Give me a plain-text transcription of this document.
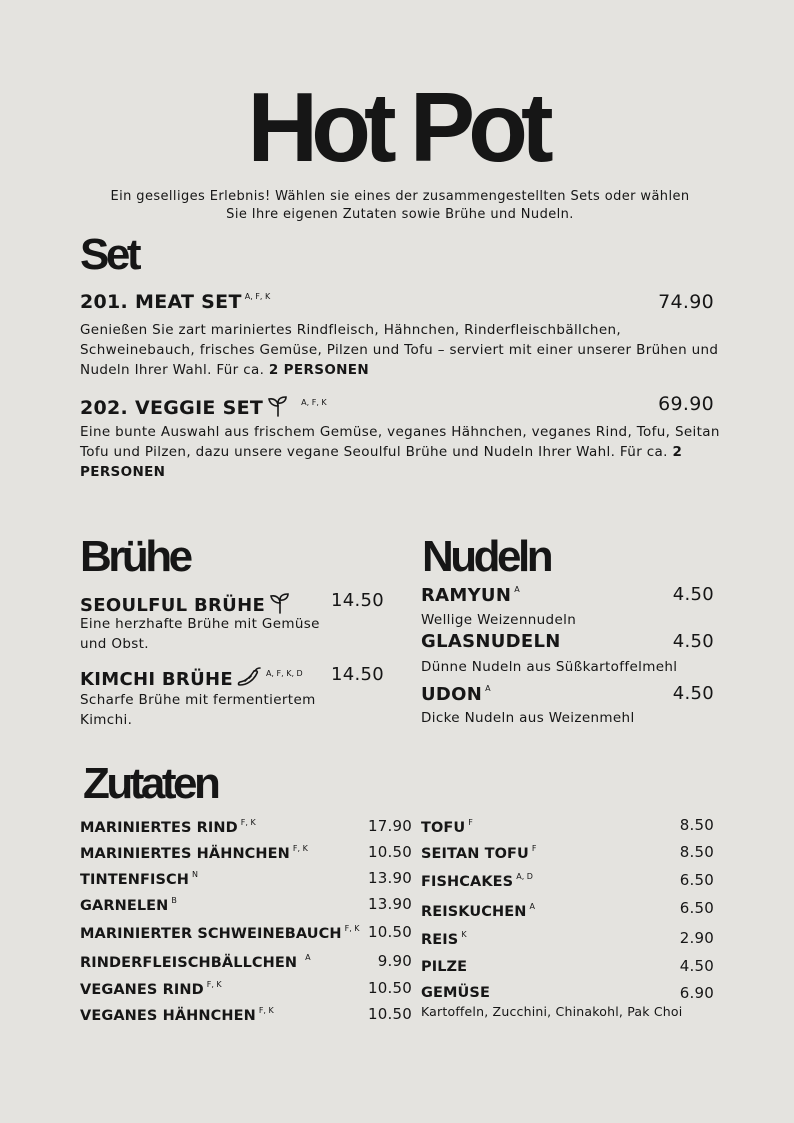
Hot Pot
Ein geselliges Erlebnis! Wählen sie eines der zusammengestellten Sets oder wählen Sie Ihre eigenen Zutaten sowie Brühe und Nudeln.
Set
201. MEAT SET $^{A, F, K}$	74.90
Genießen Sie zart mariniertes Rindfleisch, Hähnchen, Rinderfleischbällchen, Schweinebauch, frisches Gemüse, Pilzen und Tofu – serviert mit einer unserer Brühen und Nudeln Ihrer Wahl. Für ca. 2 PERSONEN
202. VEGGIE SET	$^{A, F, K}$	69.90
Eine bunte Auswahl aus frischem Gemüse, veganes Hähnchen, veganes Rind, Tofu, Seitan Tofu und Pilzen, dazu unsere vegane Seoulful Brühe und Nudeln Ihrer Wahl. Für ca. 2 PERSONEN
Brühe
SEOULFUL BRÜHE	14.50
Eine herzhafte Brühe mit Gemüse und Obst.
KIMCHI BRÜHE	$^{A, F, K, D}$ 14.50
Scharfe Brühe mit fermentiertem Kimchi.
Nudeln
RAMYUN $^A$	4.50
Wellige Weizennudeln
GLASNUDELN	4.50
Dünne Nudeln aus Süßkartoffelmehl
UDON $^A$	4.50
Dicke Nudeln aus Weizenmehl
Zutaten
MARINIERTES RIND $^{F, K}$	17.90
MARINIERTES HÄHNCHEN $^{F, K}$	10.50
TINTENFISCH $^N$	13.90
GARNELEN $^B$	13.90
MARINIERTER SCHWEINEBAUCH $^{F, K}$ 10.50
RINDERFLEISCHBÄLLCHEN $^A$	9.90
VEGANES RIND $^{F, K}$	10.50
VEGANES HÄHNCHEN $^{F, K}$	10.50
TOFU $^F$	8.50
SEITAN TOFU $^F$	8.50
FISHCAKES $^{A, D}$	6.50
REISKUCHEN $^A$	6.50
REIS $^K$	2.90
PILZE	4.50
GEMÜSE	6.90
Kartoffeln, Zucchini, Chinakohl, Pak Choi
